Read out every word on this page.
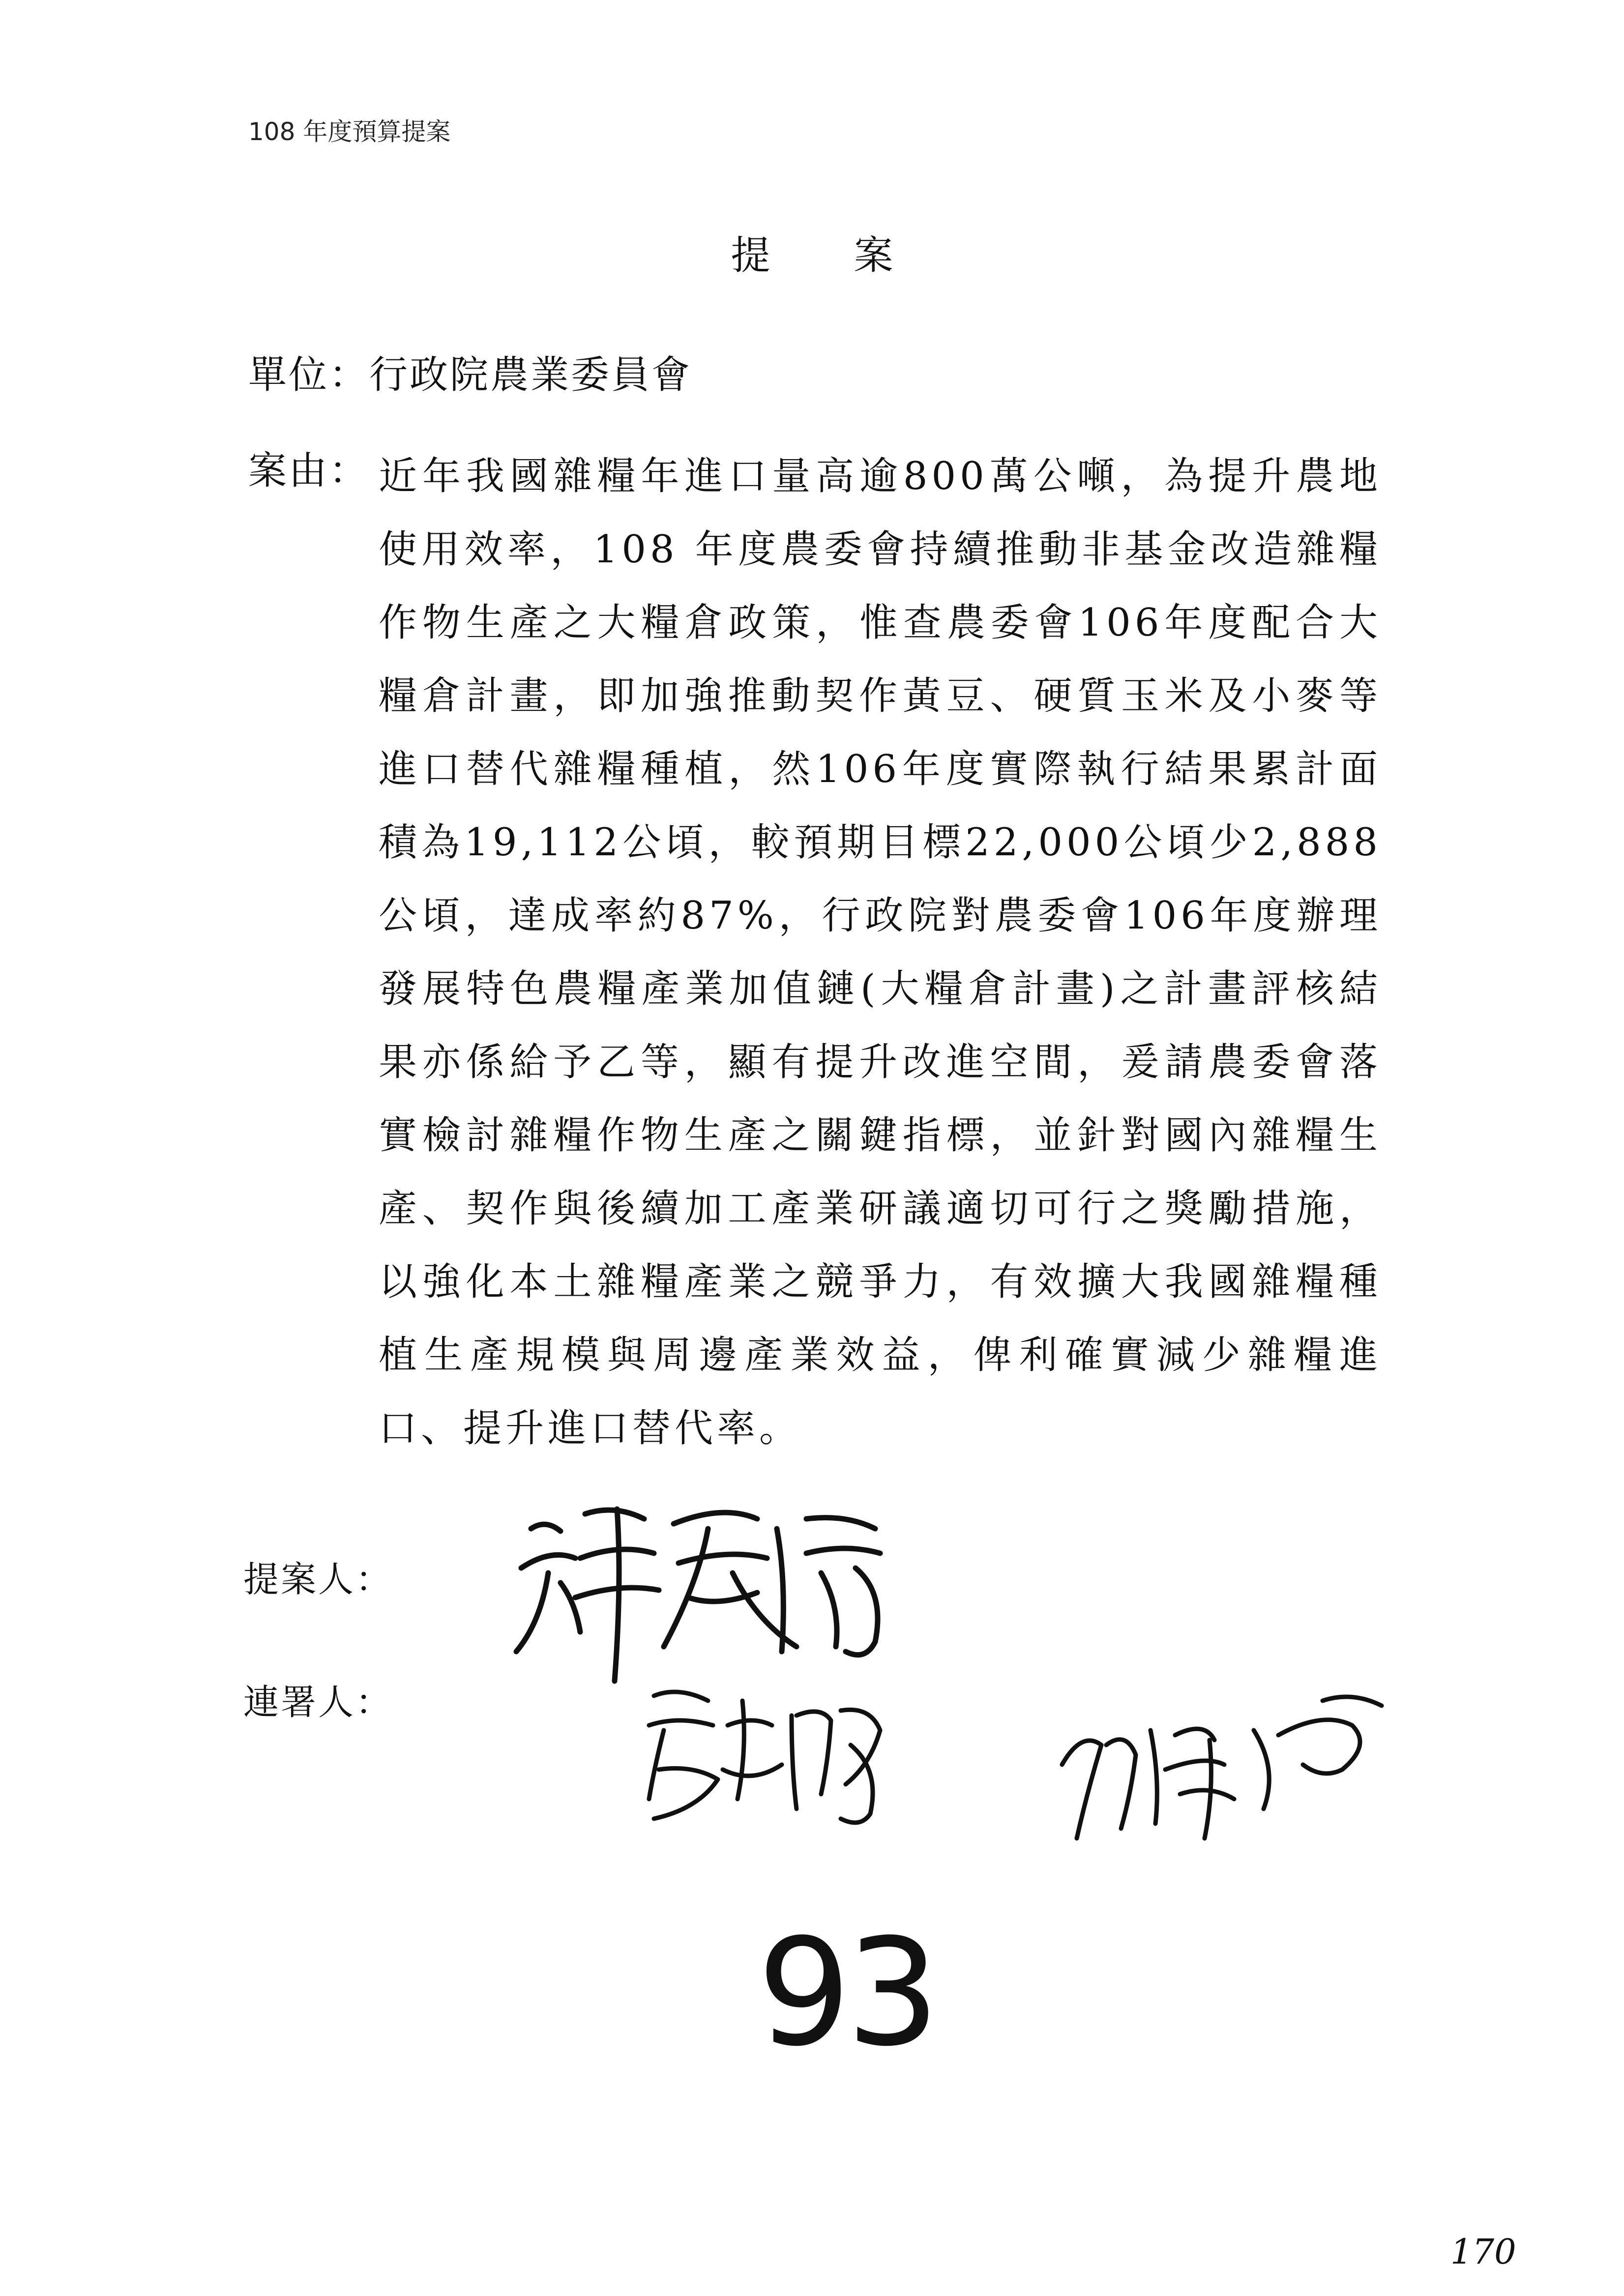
108 年度預算提案
提案
單位：行政院農業委員會
案由： 近年我國雜糧年進口量高逾800萬公噸，為提升農地使用效率，108 年度農委會持續推動非基金改造雜糧作物生產之大糧倉政策，惟查農委會106年度配合大糧倉計畫，即加強推動契作黃豆、硬質玉米及小麥等進口替代雜糧種植，然106年度實際執行結果累計面積為19,112公頃，較預期目標22,000公頃少2,888公頃，達成率約87%，行政院對農委會106年度辦理發展特色農糧產業加值鏈(大糧倉計畫)之計畫評核結果亦係給予乙等，顯有提升改進空間，爰請農委會落實檢討雜糧作物生產之關鍵指標，並針對國內雜糧生產、契作與後續加工產業研議適切可行之獎勵措施，以強化本土雜糧產業之競爭力，有效擴大我國雜糧種植生產規模與周邊產業效益，俾利確實減少雜糧進口、提升進口替代率。
提案人：
連署人：
93
170
